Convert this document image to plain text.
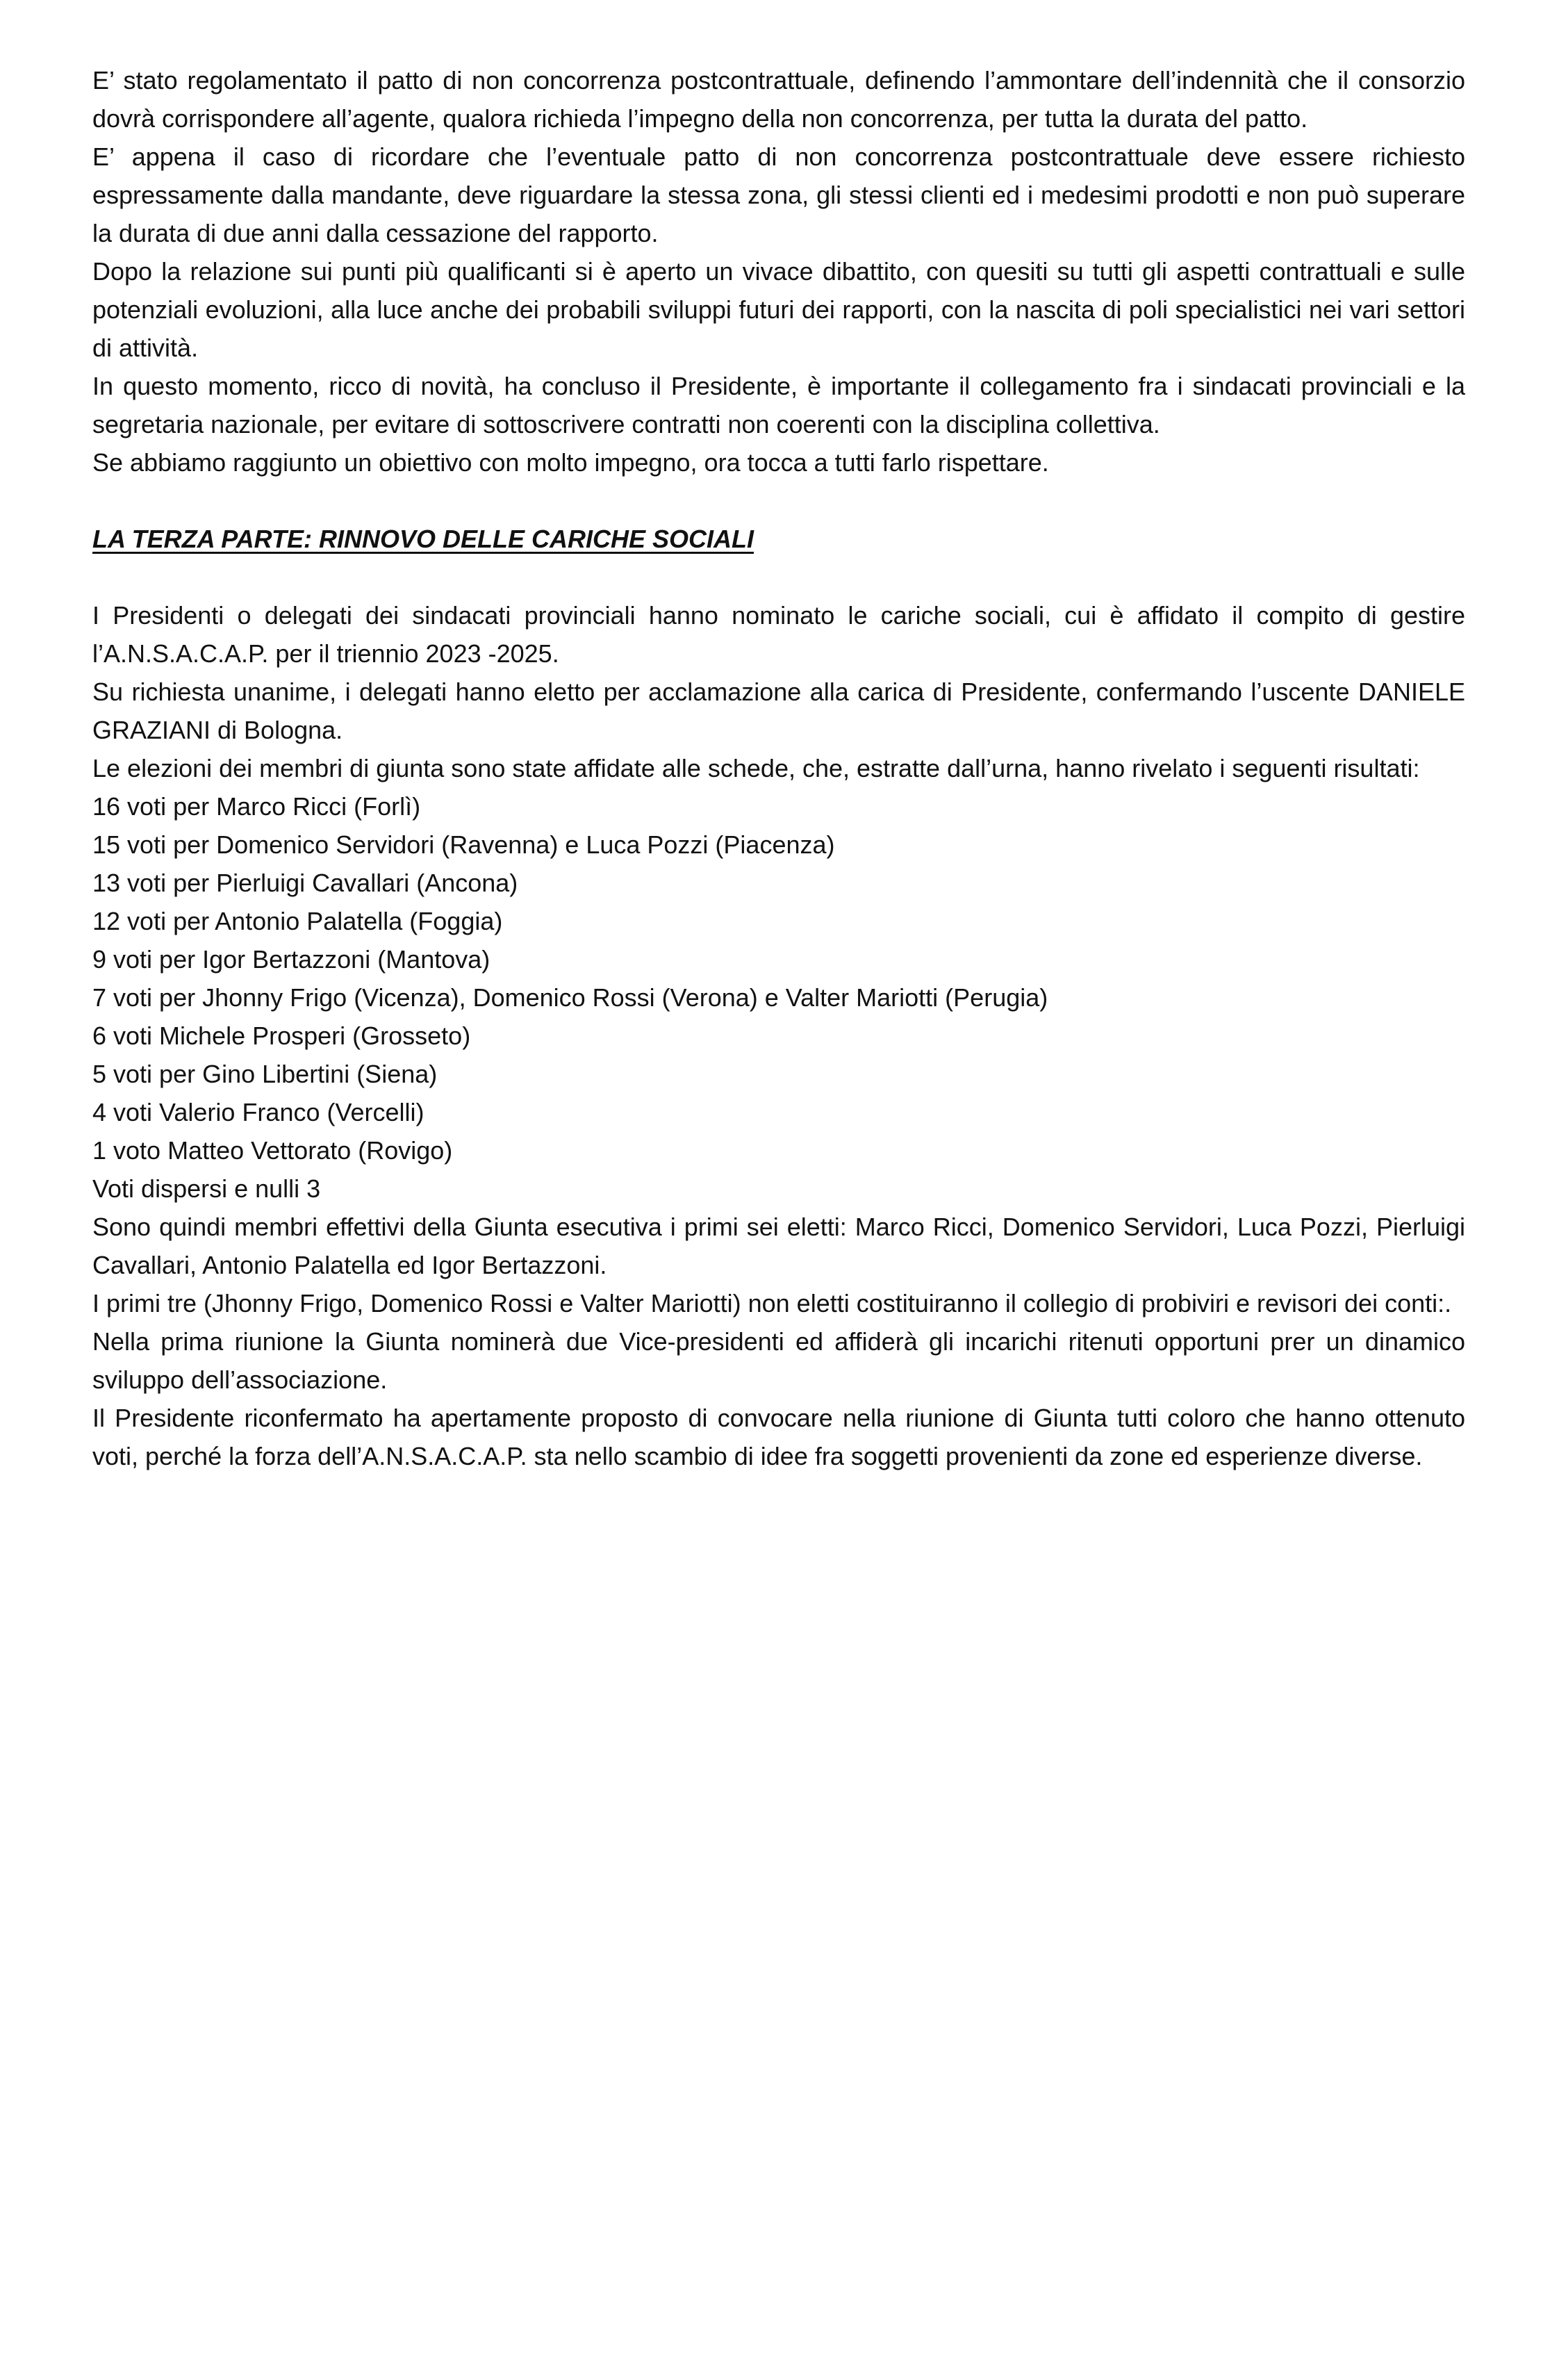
E’ stato regolamentato il patto di non concorrenza postcontrattuale, definendo l’ammontare dell’indennità che il consorzio dovrà corrispondere all’agente, qualora richieda l’impegno della non concorrenza, per tutta la durata del patto.

E’ appena il caso di ricordare che l’eventuale patto di non concorrenza postcontrattuale deve essere richiesto espressamente dalla mandante, deve riguardare la stessa zona, gli stessi clienti ed i medesimi prodotti e non può superare la durata di due anni dalla cessazione del rapporto.

Dopo la relazione sui punti più qualificanti si è aperto un vivace dibattito, con quesiti su tutti gli aspetti contrattuali e sulle potenziali evoluzioni, alla luce anche dei probabili sviluppi futuri dei rapporti, con la nascita di poli specialistici nei vari settori di attività.

In questo momento, ricco di novità, ha concluso il Presidente, è importante il collegamento fra i sindacati provinciali e la segretaria nazionale, per evitare di sottoscrivere contratti non coerenti con la disciplina collettiva.

Se abbiamo raggiunto un obiettivo con molto impegno, ora tocca a tutti farlo rispettare.

LA TERZA PARTE: RINNOVO DELLE CARICHE SOCIALI

I Presidenti o delegati dei sindacati provinciali hanno nominato le cariche sociali, cui è affidato il compito di gestire l’A.N.S.A.C.A.P. per il triennio 2023 -2025.

Su richiesta unanime, i delegati hanno eletto per acclamazione alla carica di Presidente, confermando l’uscente DANIELE GRAZIANI di Bologna.

Le elezioni dei membri di giunta sono state affidate alle schede, che, estratte dall’urna, hanno rivelato i seguenti risultati:

16 voti per Marco Ricci (Forlì)

15 voti per Domenico Servidori (Ravenna) e Luca Pozzi (Piacenza)

13 voti per Pierluigi Cavallari (Ancona)

12 voti per Antonio Palatella (Foggia)

9 voti per Igor Bertazzoni (Mantova)

7 voti per Jhonny Frigo (Vicenza), Domenico Rossi (Verona) e Valter Mariotti (Perugia)

6 voti Michele Prosperi (Grosseto)

5 voti per Gino Libertini (Siena)

4 voti Valerio Franco (Vercelli)

1 voto Matteo Vettorato (Rovigo)

Voti dispersi e nulli 3

Sono quindi membri effettivi della Giunta esecutiva i primi sei eletti: Marco Ricci, Domenico Servidori, Luca Pozzi, Pierluigi Cavallari, Antonio Palatella ed Igor Bertazzoni.

I primi tre (Jhonny Frigo, Domenico Rossi e Valter Mariotti) non eletti costituiranno il collegio di probiviri e revisori dei conti:.

Nella prima riunione la Giunta nominerà due Vice-presidenti ed affiderà gli incarichi ritenuti opportuni prer un dinamico sviluppo dell’associazione.

Il Presidente riconfermato ha apertamente proposto di convocare nella riunione di Giunta tutti coloro che hanno ottenuto voti, perché la forza dell’A.N.S.A.C.A.P. sta nello scambio di idee fra soggetti provenienti da zone ed esperienze diverse.
